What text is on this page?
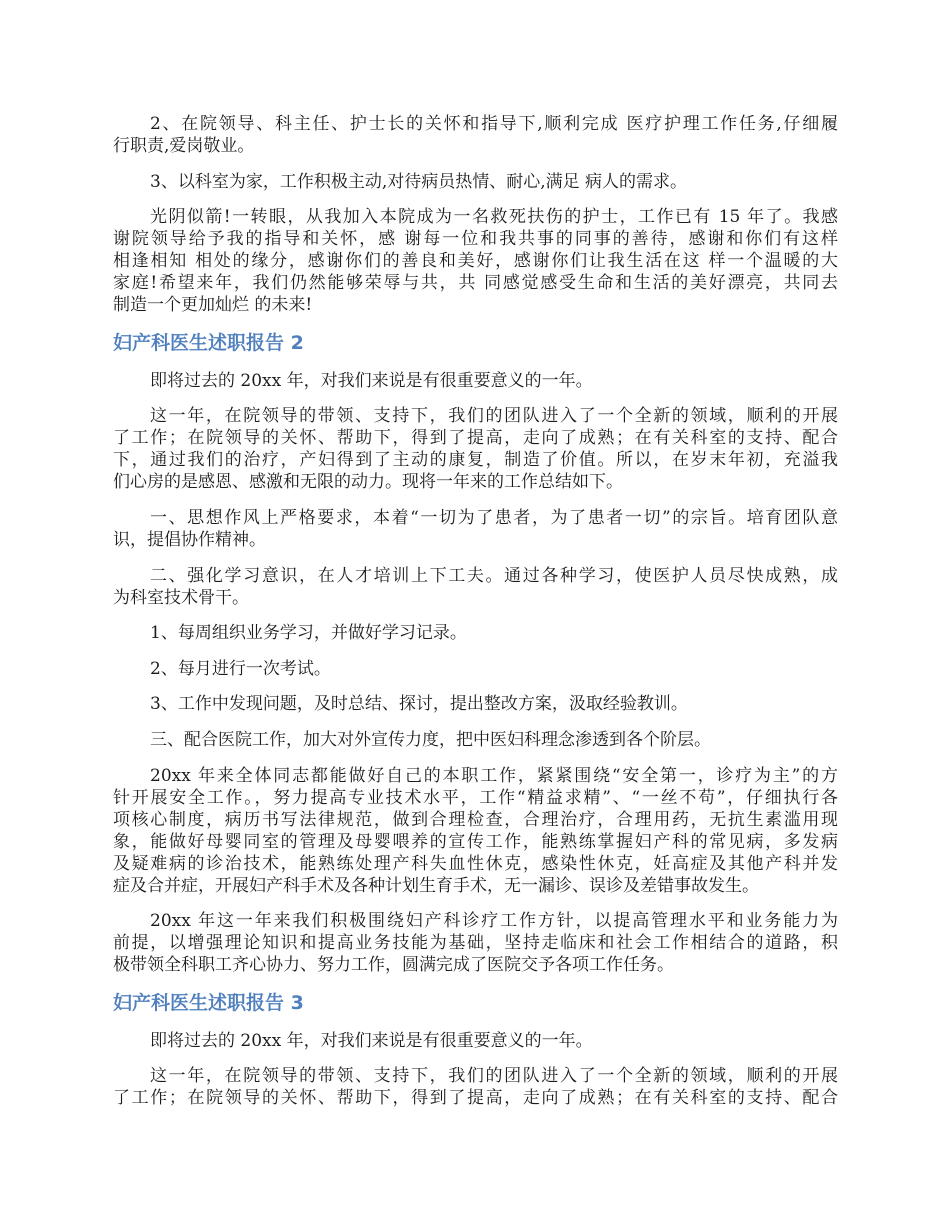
2、在院领导、科主任、护士长的关怀和指导下,顺利完成 医疗护理工作任务,仔细履
行职责,爱岗敬业。
3、以科室为家，工作积极主动,对待病员热情、耐心,满足 病人的需求。
光阴似箭!一转眼，从我加入本院成为一名救死扶伤的护士，工作已有 15 年了。我感
谢院领导给予我的指导和关怀，感 谢每一位和我共事的同事的善待，感谢和你们有这样
相逢相知 相处的缘分，感谢你们的善良和美好，感谢你们让我生活在这 样一个温暖的大
家庭!希望来年，我们仍然能够荣辱与共，共 同感觉感受生命和生活的美好漂亮，共同去
制造一个更加灿烂 的未来!
妇产科医生述职报告 2
即将过去的 20xx 年，对我们来说是有很重要意义的一年。
这一年，在院领导的带领、支持下，我们的团队进入了一个全新的领域，顺利的开展
了工作；在院领导的关怀、帮助下，得到了提高，走向了成熟；在有关科室的支持、配合
下，通过我们的治疗，产妇得到了主动的康复，制造了价值。所以，在岁末年初，充溢我
们心房的是感恩、感激和无限的动力。现将一年来的工作总结如下。
一、思想作风上严格要求，本着“一切为了患者，为了患者一切”的宗旨。培育团队意
识，提倡协作精神。
二、强化学习意识，在人才培训上下工夫。通过各种学习，使医护人员尽快成熟，成
为科室技术骨干。
1、每周组织业务学习，并做好学习记录。
2、每月进行一次考试。
3、工作中发现问题，及时总结、探讨，提出整改方案，汲取经验教训。
三、配合医院工作，加大对外宣传力度，把中医妇科理念渗透到各个阶层。
20xx 年来全体同志都能做好自己的本职工作，紧紧围绕“安全第一，诊疗为主”的方
针开展安全工作。，努力提高专业技术水平，工作“精益求精”、“一丝不苟”，仔细执行各
项核心制度，病历书写法律规范，做到合理检查，合理治疗，合理用药，无抗生素滥用现
象，能做好母婴同室的管理及母婴喂养的宣传工作，能熟练掌握妇产科的常见病，多发病
及疑难病的诊治技术，能熟练处理产科失血性休克，感染性休克，妊高症及其他产科并发
症及合并症，开展妇产科手术及各种计划生育手术，无一漏诊、误诊及差错事故发生。
20xx 年这一年来我们积极围绕妇产科诊疗工作方针，以提高管理水平和业务能力为
前提，以增强理论知识和提高业务技能为基础，坚持走临床和社会工作相结合的道路，积
极带领全科职工齐心协力、努力工作，圆满完成了医院交予各项工作任务。
妇产科医生述职报告 3
即将过去的 20xx 年，对我们来说是有很重要意义的一年。
这一年，在院领导的带领、支持下，我们的团队进入了一个全新的领域，顺利的开展
了工作；在院领导的关怀、帮助下，得到了提高，走向了成熟；在有关科室的支持、配合
